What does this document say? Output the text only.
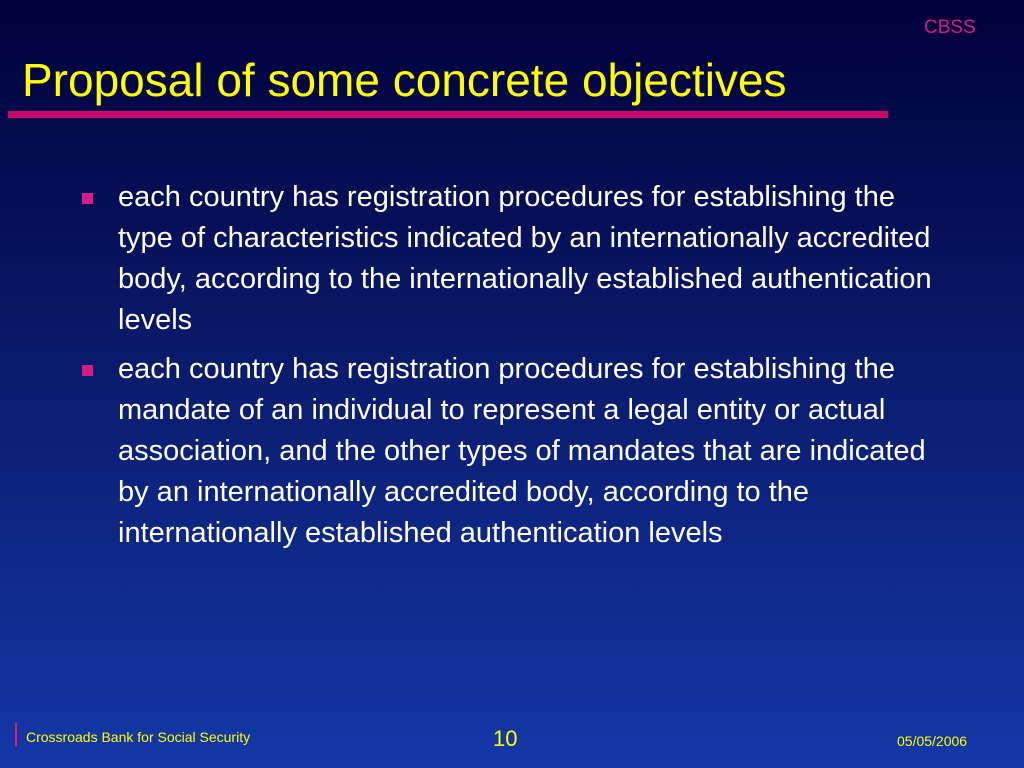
Proposal of some concrete objectives
CBSS
each country has registration procedures for establishing the type of characteristics indicated by an internationally accredited body, according to the internationally established authentication levels
each country has registration procedures for establishing the mandate of an individual to represent a legal entity or actual association, and the other types of mandates that are indicated by an internationally accredited body, according to the internationally established authentication levels
Crossroads Bank for Social Security	10	05/05/2006
